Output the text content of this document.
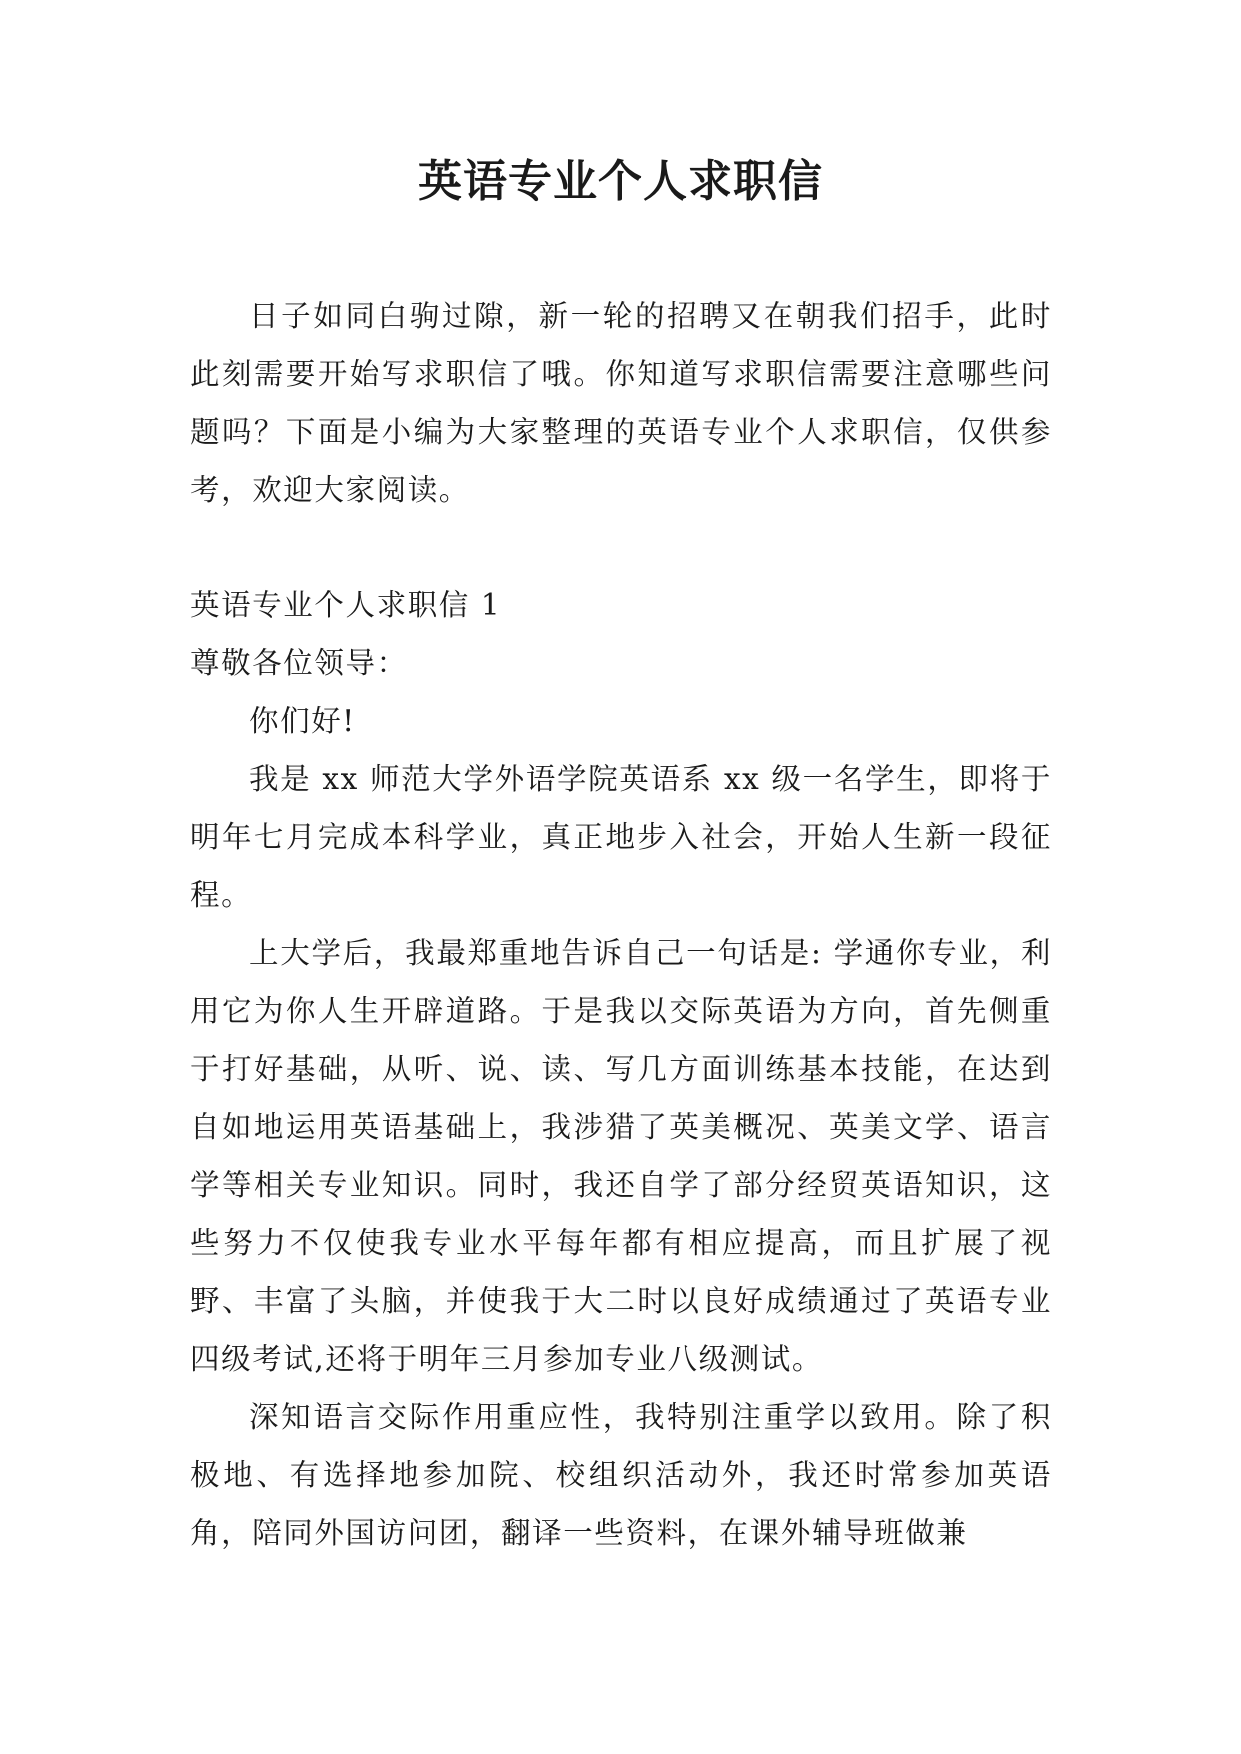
英语专业个人求职信

日子如同白驹过隙，新一轮的招聘又在朝我们招手，此时此刻需要开始写求职信了哦。你知道写求职信需要注意哪些问题吗？下面是小编为大家整理的英语专业个人求职信，仅供参考，欢迎大家阅读。

英语专业个人求职信 1

尊敬各位领导：

你们好!

我是 xx 师范大学外语学院英语系 xx 级一名学生，即将于明年七月完成本科学业，真正地步入社会，开始人生新一段征程。

上大学后，我最郑重地告诉自己一句话是: 学通你专业，利用它为你人生开辟道路。于是我以交际英语为方向，首先侧重于打好基础，从听、说、读、写几方面训练基本技能，在达到自如地运用英语基础上，我涉猎了英美概况、英美文学、语言学等相关专业知识。同时，我还自学了部分经贸英语知识，这些努力不仅使我专业水平每年都有相应提高，而且扩展了视野、丰富了头脑，并使我于大二时以良好成绩通过了英语专业四级考试,还将于明年三月参加专业八级测试。

深知语言交际作用重应性，我特别注重学以致用。除了积极地、有选择地参加院、校组织活动外，我还时常参加英语角，陪同外国访问团，翻译一些资料，在课外辅导班做兼
